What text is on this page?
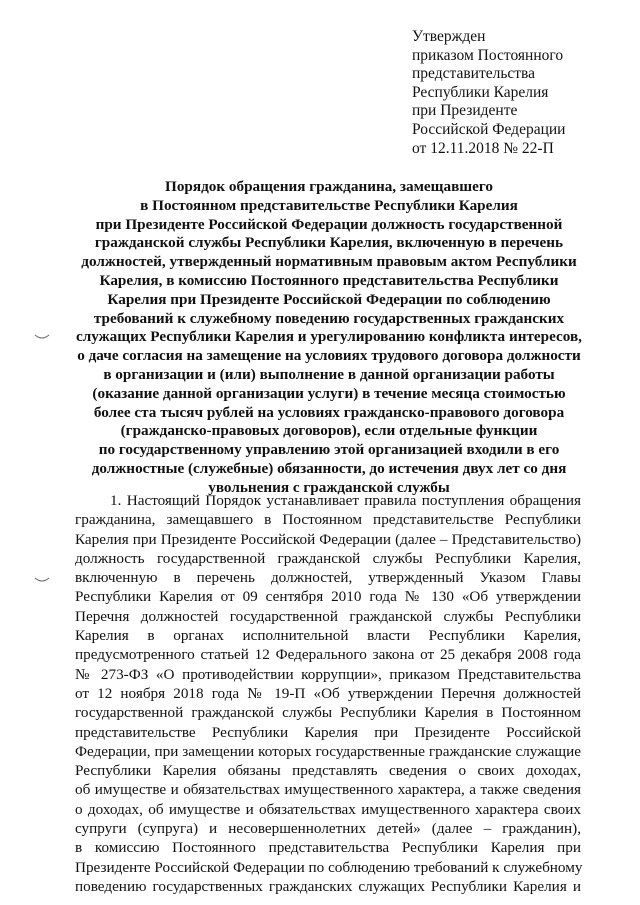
Утвержден
приказом Постоянного
представительства
Республики Карелия
при Президенте
Российской Федерации
от 12.11.2018 № 22-П
Порядок обращения гражданина, замещавшего
в Постоянном представительстве Республики Карелия
при Президенте Российской Федерации должность государственной
гражданской службы Республики Карелия, включенную в перечень
должностей, утвержденный нормативным правовым актом Республики
Карелия, в комиссию Постоянного представительства Республики
Карелия при Президенте Российской Федерации по соблюдению
требований к служебному поведению государственных гражданских
служащих Республики Карелия и урегулированию конфликта интересов,
о даче согласия на замещение на условиях трудового договора должности
в организации и (или) выполнение в данной организации работы
(оказание данной организации услуги) в течение месяца стоимостью
более ста тысяч рублей на условиях гражданско-правового договора
(гражданско-правовых договоров), если отдельные функции
по государственному управлению этой организацией входили в его
должностные (служебные) обязанности, до истечения двух лет со дня
увольнения с гражданской службы
1. Настоящий Порядок устанавливает правила поступления обращения
гражданина, замещавшего в Постоянном представительстве Республики
Карелия при Президенте Российской Федерации (далее – Представительство)
должность государственной гражданской службы Республики Карелия,
включенную в перечень должностей, утвержденный Указом Главы
Республики Карелия от 09 сентября 2010 года № 130 «Об утверждении
Перечня должностей государственной гражданской службы Республики
Карелия в органах исполнительной власти Республики Карелия,
предусмотренного статьей 12 Федерального закона от 25 декабря 2008 года
№ 273-ФЗ «О противодействии коррупции», приказом Представительства
от 12 ноября 2018 года № 19-П «Об утверждении Перечня должностей
государственной гражданской службы Республики Карелия в Постоянном
представительстве Республики Карелия при Президенте Российской
Федерации, при замещении которых государственные гражданские служащие
Республики Карелия обязаны представлять сведения о своих доходах,
об имуществе и обязательствах имущественного характера, а также сведения
о доходах, об имуществе и обязательствах имущественного характера своих
супруги (супруга) и несовершеннолетних детей» (далее – гражданин),
в комиссию Постоянного представительства Республики Карелия при
Президенте Российской Федерации по соблюдению требований к служебному
поведению государственных гражданских служащих Республики Карелия и
